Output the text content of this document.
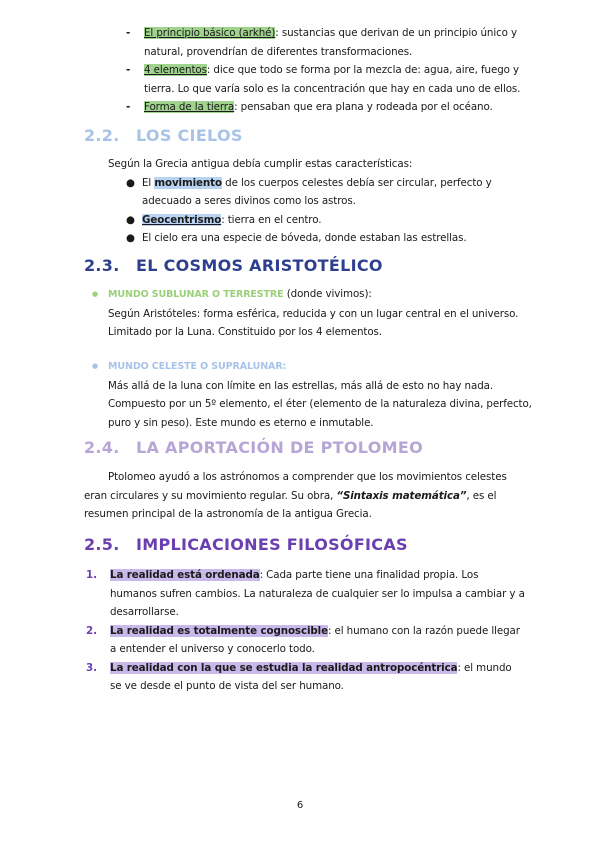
- El principio básico (arkhé): sustancias que derivan de un principio único y natural, provendrían de diferentes transformaciones.
- 4 elementos: dice que todo se forma por la mezcla de: agua, aire, fuego y tierra. Lo que varía solo es la concentración que hay en cada uno de ellos.
- Forma de la tierra: pensaban que era plana y rodeada por el océano.
2.2. LOS CIELOS
Según la Grecia antigua debía cumplir estas características:
● El movimiento de los cuerpos celestes debía ser circular, perfecto y adecuado a seres divinos como los astros.
● Geocentrismo: tierra en el centro.
● El cielo era una especie de bóveda, donde estaban las estrellas.
2.3. EL COSMOS ARISTOTÉLICO
● MUNDO SUBLUNAR O TERRESTRE (donde vivimos):
Según Aristóteles: forma esférica, reducida y con un lugar central en el universo. Limitado por la Luna. Constituido por los 4 elementos.
● MUNDO CELESTE O SUPRALUNAR:
Más allá de la luna con límite en las estrellas, más allá de esto no hay nada. Compuesto por un 5º elemento, el éter (elemento de la naturaleza divina, perfecto, puro y sin peso). Este mundo es eterno e inmutable.
2.4. LA APORTACIÓN DE PTOLOMEO
Ptolomeo ayudó a los astrónomos a comprender que los movimientos celestes eran circulares y su movimiento regular. Su obra, “Sintaxis matemática”, es el resumen principal de la astronomía de la antigua Grecia.
2.5. IMPLICACIONES FILOSÓFICAS
1. La realidad está ordenada: Cada parte tiene una finalidad propia. Los humanos sufren cambios. La naturaleza de cualquier ser lo impulsa a cambiar y a desarrollarse.
2. La realidad es totalmente cognoscible: el humano con la razón puede llegar a entender el universo y conocerlo todo.
3. La realidad con la que se estudia la realidad antropocéntrica: el mundo se ve desde el punto de vista del ser humano.
6
